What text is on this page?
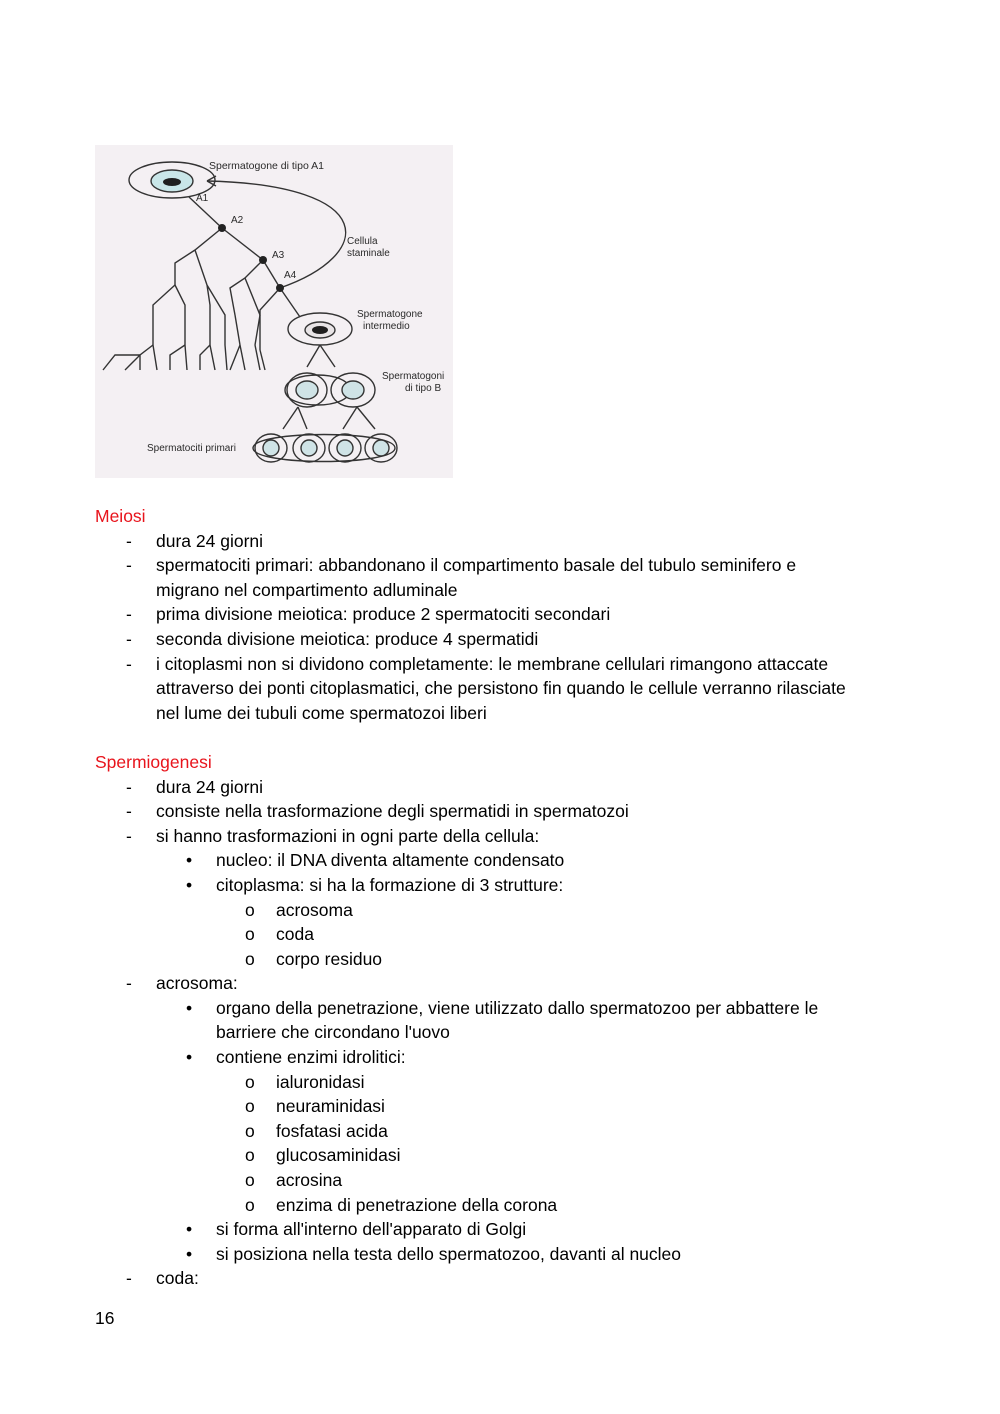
Spermatogone di tipo A1
A1
A2
A3
A4
Cellula
staminale
Spermatogone
intermedio
Spermatogoni
di tipo B
Spermatociti primari
Meiosi
- dura 24 giorni
- spermatociti primari: abbandonano il compartimento basale del tubulo seminifero e
migrano nel compartimento adluminale
- prima divisione meiotica: produce 2 spermatociti secondari
- seconda divisione meiotica: produce 4 spermatidi
- i citoplasmi non si dividono completamente: le membrane cellulari rimangono attaccate
attraverso dei ponti citoplasmatici, che persistono fin quando le cellule verranno rilasciate
nel lume dei tubuli come spermatozoi liberi
Spermiogenesi
- dura 24 giorni
- consiste nella trasformazione degli spermatidi in spermatozoi
- si hanno trasformazioni in ogni parte della cellula:
• nucleo: il DNA diventa altamente condensato
• citoplasma: si ha la formazione di 3 strutture:
o acrosoma
o coda
o corpo residuo
- acrosoma:
• organo della penetrazione, viene utilizzato dallo spermatozoo per abbattere le
barriere che circondano l'uovo
• contiene enzimi idrolitici:
o ialuronidasi
o neuraminidasi
o fosfatasi acida
o glucosaminidasi
o acrosina
o enzima di penetrazione della corona
• si forma all'interno dell'apparato di Golgi
• si posiziona nella testa dello spermatozoo, davanti al nucleo
- coda:
16
